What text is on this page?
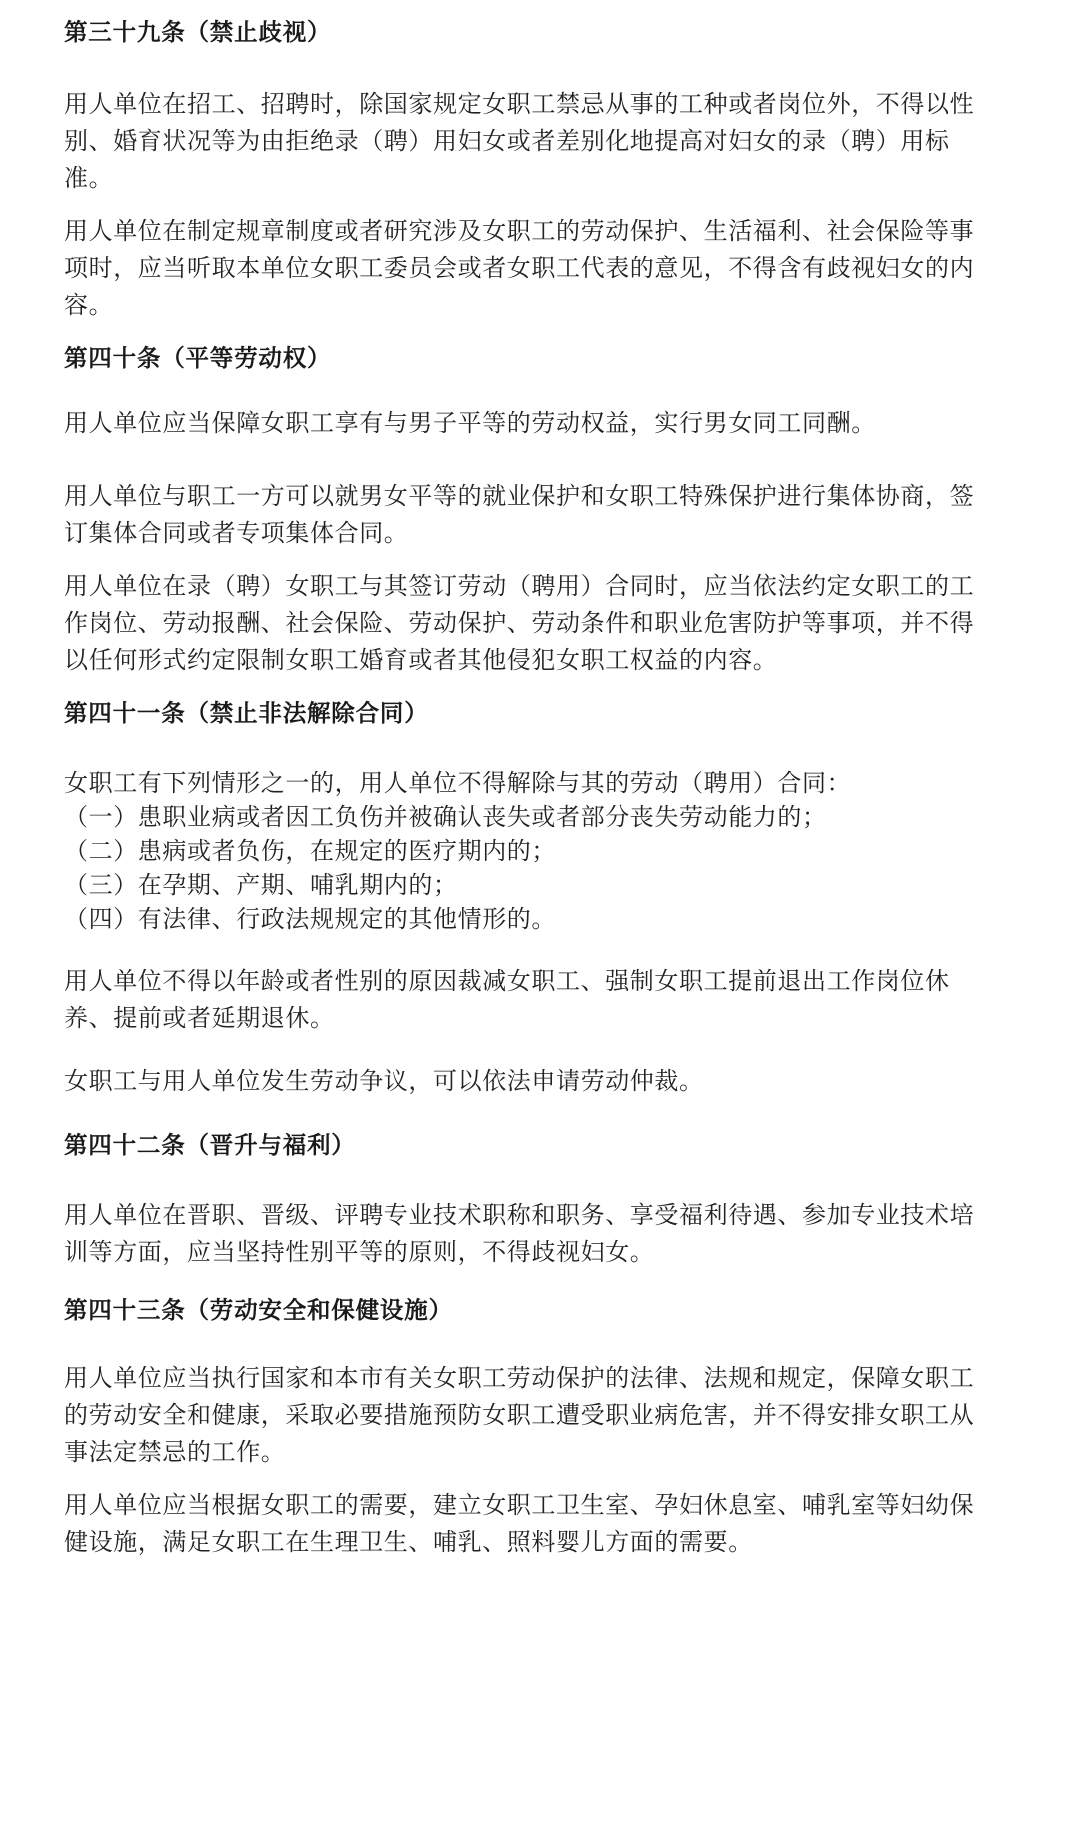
第三十九条（禁止歧视）
用人单位在招工、招聘时，除国家规定女职工禁忌从事的工种或者岗位外，不得以性
别、婚育状况等为由拒绝录（聘）用妇女或者差别化地提高对妇女的录（聘）用标
准。
用人单位在制定规章制度或者研究涉及女职工的劳动保护、生活福利、社会保险等事
项时，应当听取本单位女职工委员会或者女职工代表的意见，不得含有歧视妇女的内
容。
第四十条（平等劳动权）
用人单位应当保障女职工享有与男子平等的劳动权益，实行男女同工同酬。
用人单位与职工一方可以就男女平等的就业保护和女职工特殊保护进行集体协商，签
订集体合同或者专项集体合同。
用人单位在录（聘）女职工与其签订劳动（聘用）合同时，应当依法约定女职工的工
作岗位、劳动报酬、社会保险、劳动保护、劳动条件和职业危害防护等事项，并不得
以任何形式约定限制女职工婚育或者其他侵犯女职工权益的内容。
第四十一条（禁止非法解除合同）
女职工有下列情形之一的，用人单位不得解除与其的劳动（聘用）合同：
（一）患职业病或者因工负伤并被确认丧失或者部分丧失劳动能力的；
（二）患病或者负伤，在规定的医疗期内的；
（三）在孕期、产期、哺乳期内的；
（四）有法律、行政法规规定的其他情形的。
用人单位不得以年龄或者性别的原因裁减女职工、强制女职工提前退出工作岗位休
养、提前或者延期退休。
女职工与用人单位发生劳动争议，可以依法申请劳动仲裁。
第四十二条（晋升与福利）
用人单位在晋职、晋级、评聘专业技术职称和职务、享受福利待遇、参加专业技术培
训等方面，应当坚持性别平等的原则，不得歧视妇女。
第四十三条（劳动安全和保健设施）
用人单位应当执行国家和本市有关女职工劳动保护的法律、法规和规定，保障女职工
的劳动安全和健康，采取必要措施预防女职工遭受职业病危害，并不得安排女职工从
事法定禁忌的工作。
用人单位应当根据女职工的需要，建立女职工卫生室、孕妇休息室、哺乳室等妇幼保
健设施，满足女职工在生理卫生、哺乳、照料婴儿方面的需要。
